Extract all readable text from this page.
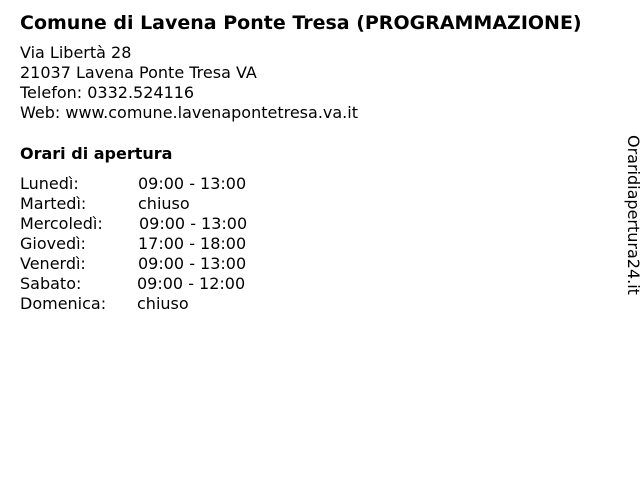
Comune di Lavena Ponte Tresa (PROGRAMMAZIONE)
Via Libertà 28
21037 Lavena Ponte Tresa VA
Telefon: 0332.524116
Web: www.comune.lavenapontetresa.va.it
Orari di apertura
Lunedì:	09:00 - 13:00
Martedì:	chiuso
Mercoledì: 09:00 - 13:00
Giovedì:	17:00 - 18:00
Venerdì:	09:00 - 13:00
Sabato:	09:00 - 12:00
Domenica: chiuso
Oraridiapertura24.it
